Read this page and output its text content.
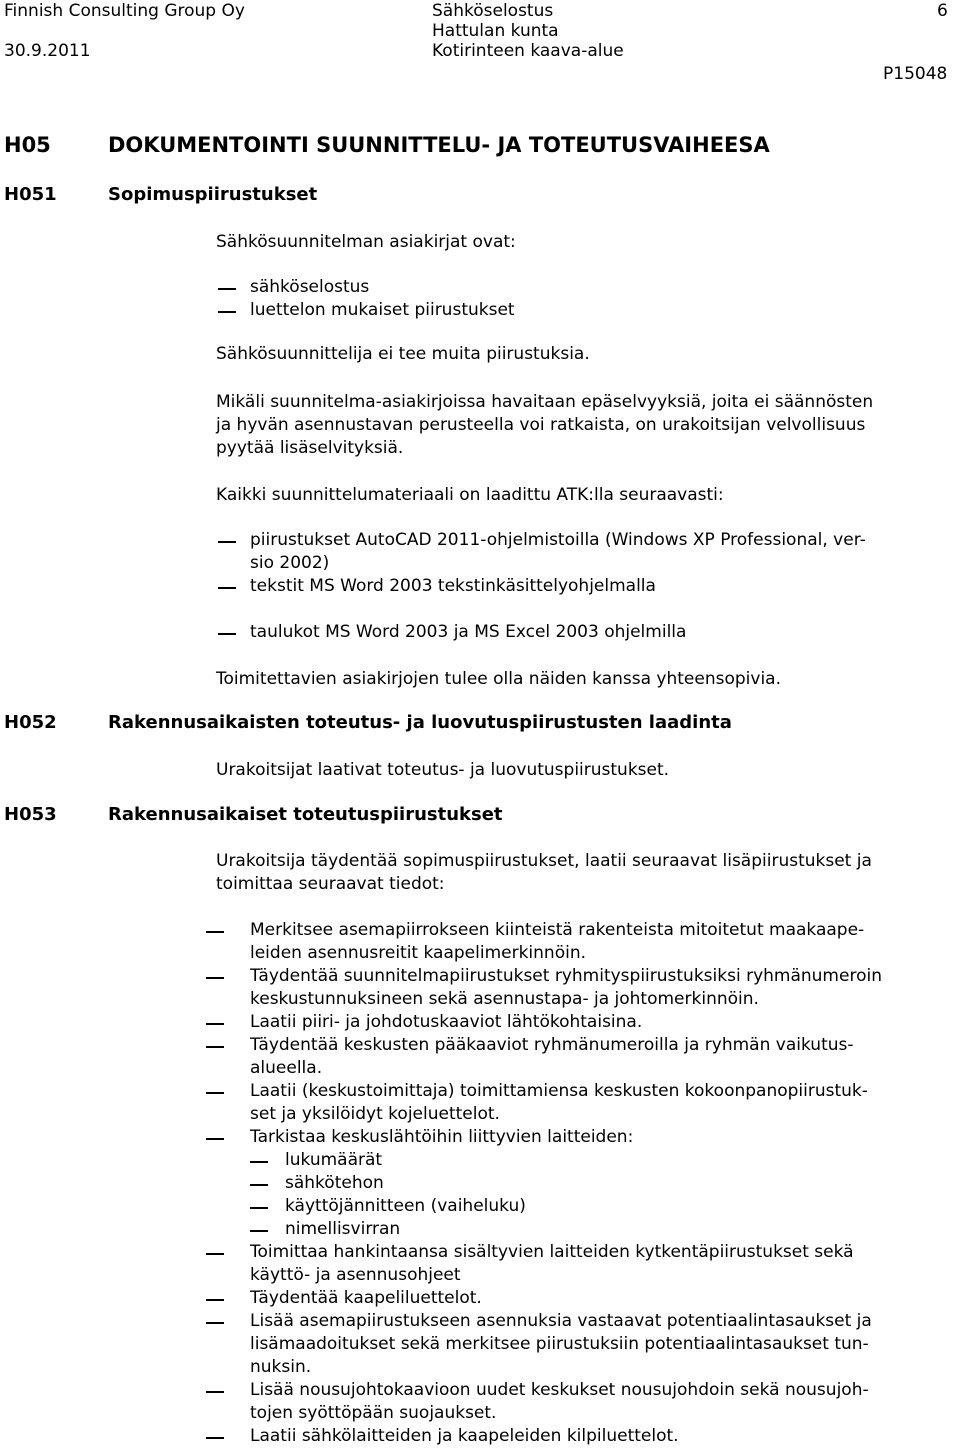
Finnish Consulting Group Oy
30.9.2011
Sähköselostus
Hattulan kunta
Kotirinteen kaava-alue
6
P15048
H05	DOKUMENTOINTI SUUNNITTELU- JA TOTEUTUSVAIHEESA
H051	Sopimuspiirustukset
Sähkösuunnitelman asiakirjat ovat:
sähköselostus
luettelon mukaiset piirustukset
Sähkösuunnittelija ei tee muita piirustuksia.
Mikäli suunnitelma-asiakirjoissa havaitaan epäselvyyksiä, joita ei säännösten
ja hyvän asennustavan perusteella voi ratkaista, on urakoitsijan velvollisuus
pyytää lisäselvityksiä.
Kaikki suunnittelumateriaali on laadittu ATK:lla seuraavasti:
piirustukset AutoCAD 2011-ohjelmistoilla (Windows XP Professional, ver-
sio 2002)
tekstit MS Word 2003 tekstinkäsittelyohjelmalla
taulukot MS Word 2003 ja MS Excel 2003 ohjelmilla
Toimitettavien asiakirjojen tulee olla näiden kanssa yhteensopivia.
H052	Rakennusaikaisten toteutus- ja luovutuspiirustusten laadinta
Urakoitsijat laativat toteutus- ja luovutuspiirustukset.
H053	Rakennusaikaiset toteutuspiirustukset
Urakoitsija täydentää sopimuspiirustukset, laatii seuraavat lisäpiirustukset ja
toimittaa seuraavat tiedot:
Merkitsee asemapiirrokseen kiinteistä rakenteista mitoitetut maakaape-
leiden asennusreitit kaapelimerkinnöin.
Täydentää suunnitelmapiirustukset ryhmityspiirustuksiksi ryhmänumeroin
keskustunnuksineen sekä asennustapa- ja johtomerkinnöin.
Laatii piiri- ja johdotuskaaviot lähtökohtaisina.
Täydentää keskusten pääkaaviot ryhmänumeroilla ja ryhmän vaikutus-
alueella.
Laatii (keskustoimittaja) toimittamiensa keskusten kokoonpanopiirustuk-
set ja yksilöidyt kojeluettelot.
Tarkistaa keskuslähtöihin liittyvien laitteiden:
lukumäärät
sähkötehon
käyttöjännitteen (vaiheluku)
nimellisvirran
Toimittaa hankintaansa sisältyvien laitteiden kytkentäpiirustukset sekä
käyttö- ja asennusohjeet
Täydentää kaapeliluettelot.
Lisää asemapiirustukseen asennuksia vastaavat potentiaalintasaukset ja
lisämaadoitukset sekä merkitsee piirustuksiin potentiaalintasaukset tun-
nuksin.
Lisää nousujohtokaavioon uudet keskukset nousujohdoin sekä nousujoh-
tojen syöttöpään suojaukset.
Laatii sähkölaitteiden ja kaapeleiden kilpiluettelot.
